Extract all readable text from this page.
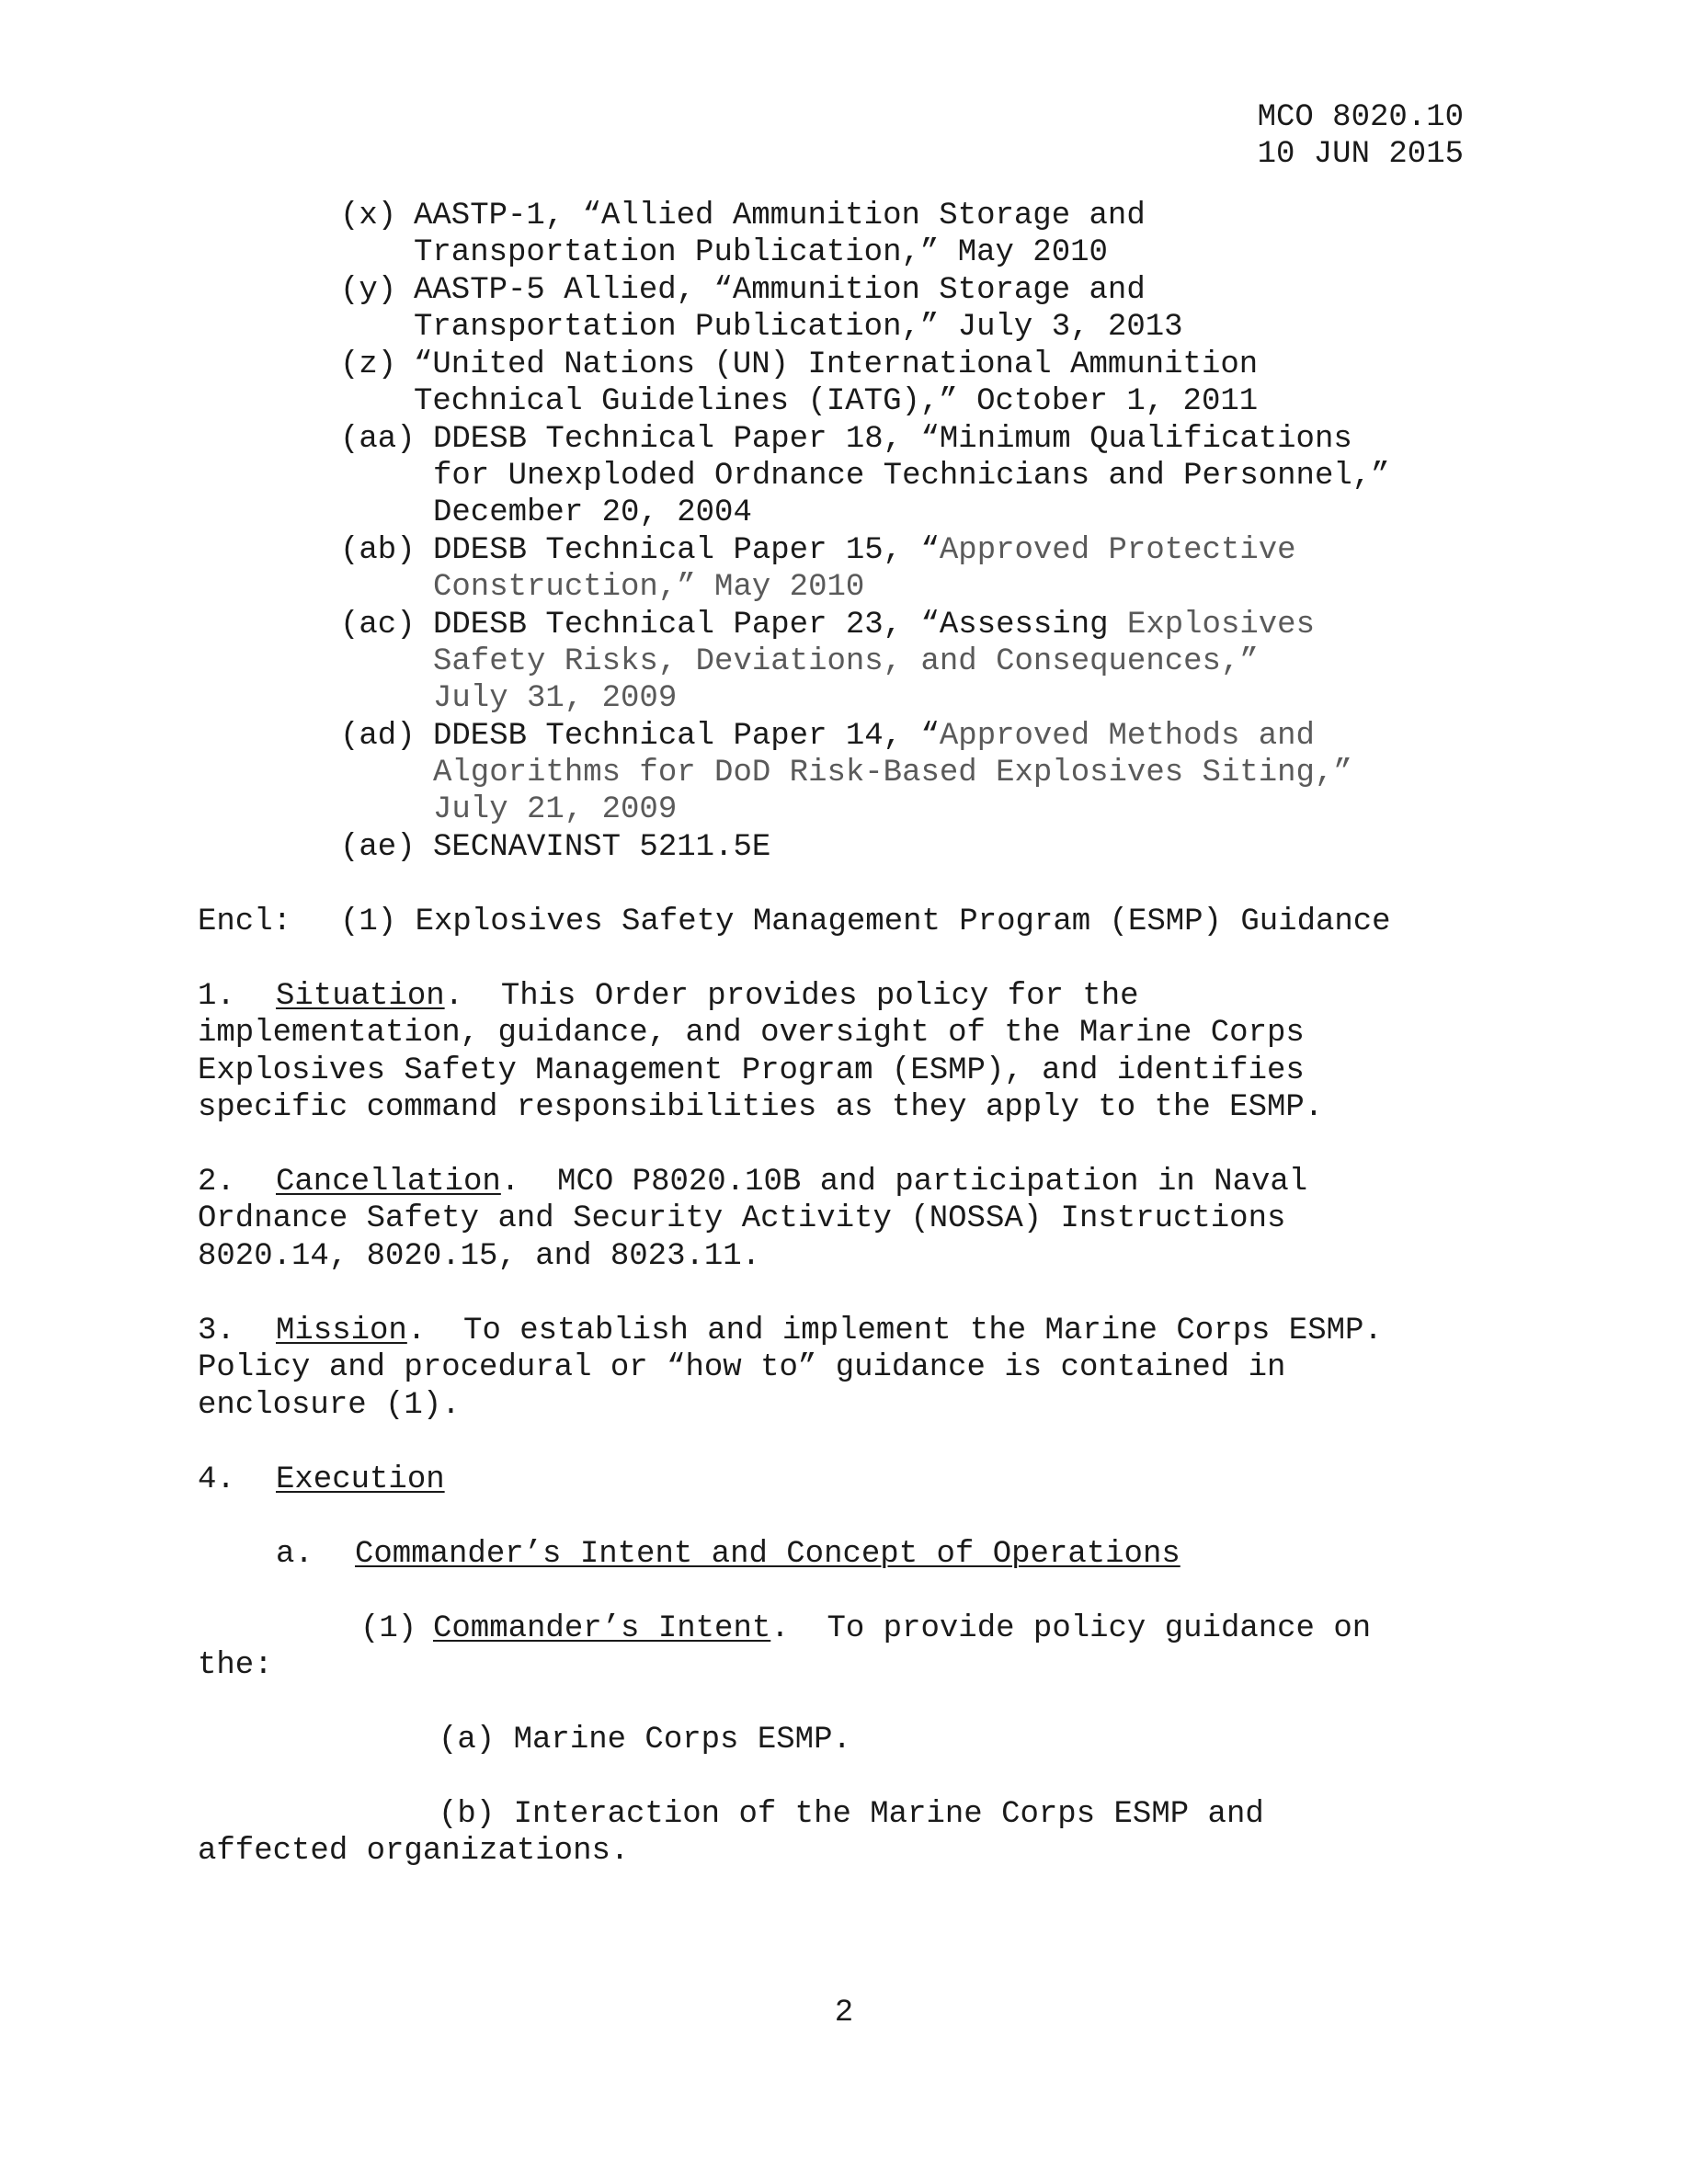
MCO 8020.10
10 JUN 2015
(x) AASTP-1, “Allied Ammunition Storage and
Transportation Publication,” May 2010
(y) AASTP-5 Allied, “Ammunition Storage and
Transportation Publication,” July 3, 2013
(z) “United Nations (UN) International Ammunition
Technical Guidelines (IATG),” October 1, 2011
(aa) DDESB Technical Paper 18, “Minimum Qualifications
for Unexploded Ordnance Technicians and Personnel,”
December 20, 2004
(ab) DDESB Technical Paper 15, “Approved Protective
Construction,” May 2010
(ac) DDESB Technical Paper 23, “Assessing Explosives
Safety Risks, Deviations, and Consequences,”
July 31, 2009
(ad) DDESB Technical Paper 14, “Approved Methods and
Algorithms for DoD Risk-Based Explosives Siting,”
July 21, 2009
(ae) SECNAVINST 5211.5E
Encl: (1) Explosives Safety Management Program (ESMP) Guidance
1. Situation.  This Order provides policy for the
implementation, guidance, and oversight of the Marine Corps
Explosives Safety Management Program (ESMP), and identifies
specific command responsibilities as they apply to the ESMP.
2. Cancellation.  MCO P8020.10B and participation in Naval
Ordnance Safety and Security Activity (NOSSA) Instructions
8020.14, 8020.15, and 8023.11.
3. Mission.  To establish and implement the Marine Corps ESMP.
Policy and procedural or “how to” guidance is contained in
enclosure (1).
4. Execution
a. Commander’s Intent and Concept of Operations
(1) Commander’s Intent.  To provide policy guidance on
the:
(a) Marine Corps ESMP.
(b) Interaction of the Marine Corps ESMP and
affected organizations.
2
